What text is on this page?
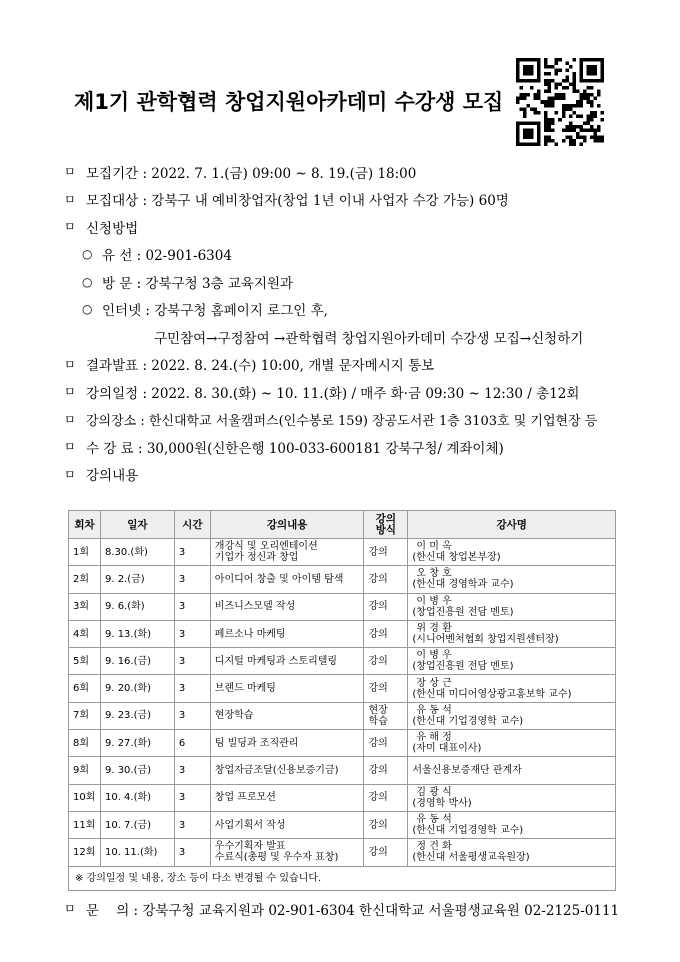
제1기 관학협력 창업지원아카데미 수강생 모집
ㅁ 모집기간 : 2022. 7. 1.(금) 09:00 ~ 8. 19.(금) 18:00
ㅁ 모집대상 : 강북구 내 예비창업자(창업 1년 이내 사업자 수강 가능) 60명
ㅁ 신청방법
○ 유 선 : 02-901-6304
○ 방 문 : 강북구청 3층 교육지원과
○ 인터넷 : 강북구청 홈페이지 로그인 후,
구민참여→구정참여 →관학협력 창업지원아카데미 수강생 모집→신청하기
ㅁ 결과발표 : 2022. 8. 24.(수) 10:00, 개별 문자메시지 통보
ㅁ 강의일정 : 2022. 8. 30.(화) ~ 10. 11.(화) / 매주 화·금 09:30 ~ 12:30 / 총12회
ㅁ 강의장소 : 한신대학교 서울캠퍼스(인수봉로 159) 장공도서관 1층 3103호 및 기업현장 등
ㅁ 수 강 료 : 30,000원(신한은행 100-033-600181 강북구청/ 계좌이체)
ㅁ 강의내용
회차	일자	시간	강의내용	강의
방식	강사명
1회	8.30.(화)	3	개강식 및 오리엔테이션
기업가 정신과 창업	강의	이 미 옥
(한신대 창업본부장)

2회	9. 2.(금)	3	아이디어 창출 및 아이템 탐색	강의	오 창 호
(한신대 경영학과 교수)

3회	9. 6.(화)	3	비즈니스모델 작성	강의	이 병 우
(창업진흥원 전담 멘토)

4회	9. 13.(화)	3	페르소나 마케팅	강의	위 경 환
(시니어벤처협회 창업지원센터장)

5회	9. 16.(금)	3	디지털 마케팅과 스토리텔링	강의	이 병 우
(창업진흥원 전담 멘토)

6회	9. 20.(화)	3	브랜드 마케팅	강의	장 상 근
(한신대 미디어영상광고홍보학 교수)

7회	9. 23.(금)	3	현장학습	현장
학습	유 동 석
(한신대 기업경영학 교수)

8회	9. 27.(화)	6	팀 빌딩과 조직관리	강의	유 해 정
(자미 대표이사)

9회	9. 30.(금)	3	창업자금조달(신용보증기금)	강의	서울신용보증재단 관계자

10회	10. 4.(화)	3	창업 프로모션	강의	김 광 식
(경영학 박사)

11회	10. 7.(금)	3	사업기획서 작성	강의	유 동 석
(한신대 기업경영학 교수)

12회	10. 11.(화)	3	우수기획자 발표
수료식(총평 및 우수자 표창)	강의	정 건 화
(한신대 서울평생교육원장)

※ 강의일정 및 내용, 장소 등이 다소 변경될 수 있습니다.					
ㅁ 문    의 : 강북구청 교육지원과 02-901-6304 한신대학교 서울평생교육원 02-2125-0111
